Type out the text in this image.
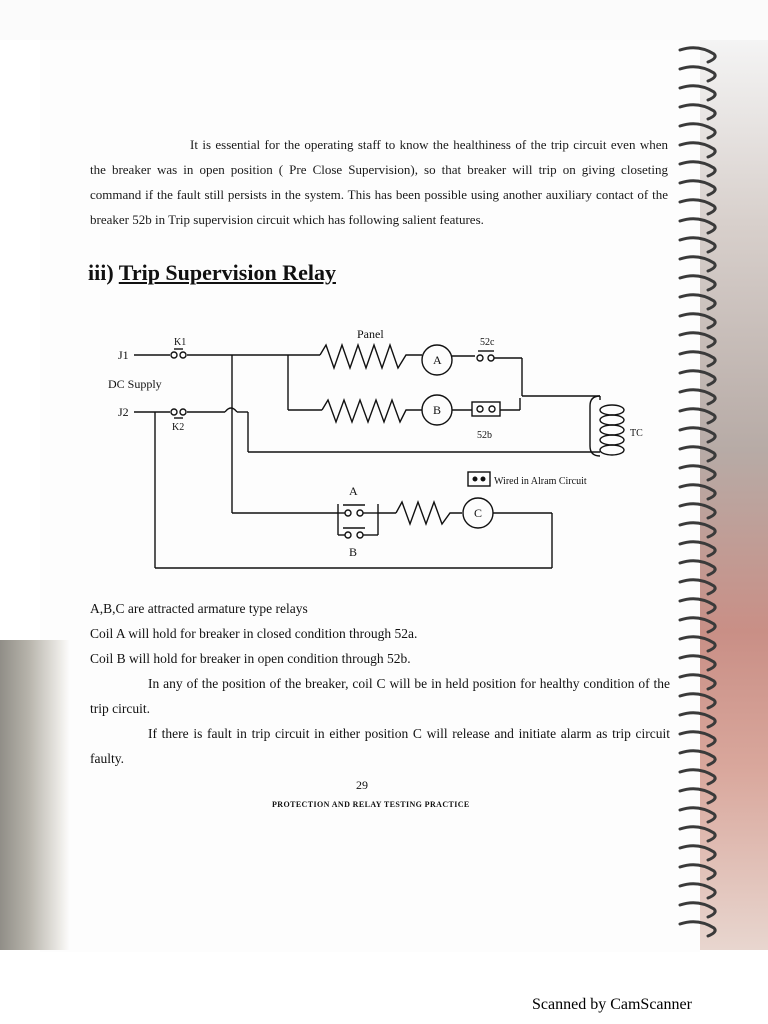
It is essential for the operating staff to know the healthiness of the trip circuit even when the breaker was in open position ( Pre Close Supervision), so that breaker will trip on giving closeting command if the fault still persists in the system. This has been possible using another auxiliary contact of the breaker 52b in Trip supervision circuit which has following salient features.
iii) Trip Supervision Relay
J1
J2
K1
K2
DC Supply
Panel
A
B
C
52c
52b	TC
A
B
Wired in Alram Circuit
A,B,C are attracted armature type relays
Coil A will hold for breaker in closed condition through 52a.
Coil B will hold for breaker in open condition through 52b.
In any of the position of the breaker, coil C will be in held position for healthy condition of the trip circuit.
If there is fault in trip circuit in either position C will release and initiate alarm as trip circuit faulty.
29
PROTECTION AND RELAY TESTING PRACTICE
Scanned by CamScanner
